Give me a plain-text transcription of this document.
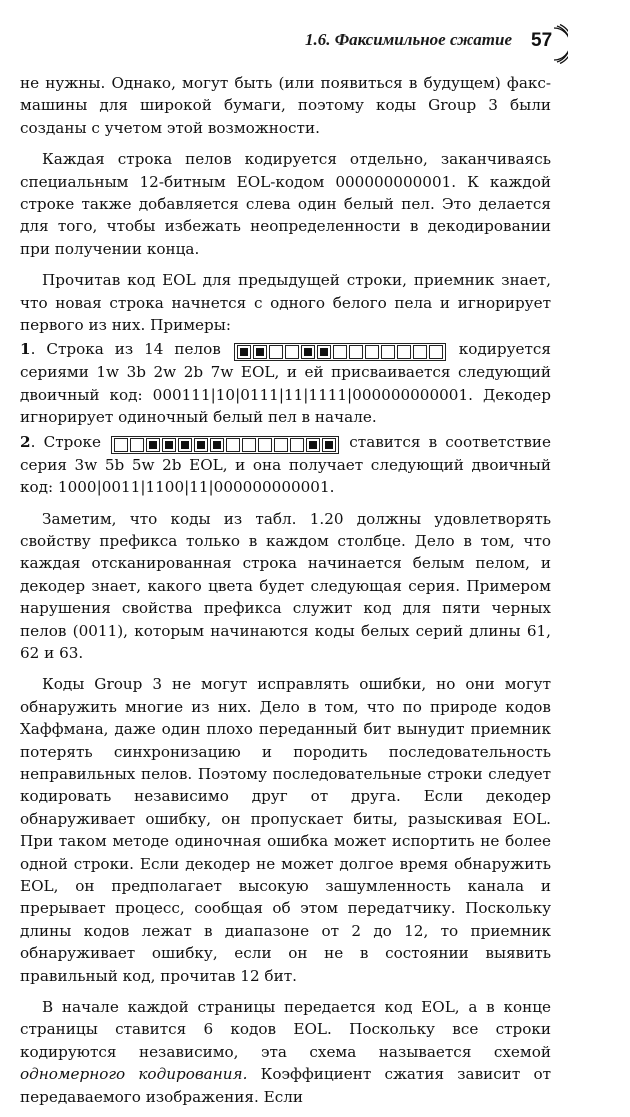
1.6. Факсимильное сжатие 57

не нужны. Однако, могут быть (или появиться в будущем) факс-машины для широкой бумаги, поэтому коды Group 3 были созданы с учетом этой возможности.

Каждая строка пелов кодируется отдельно, заканчиваясь специальным 12-битным EOL-кодом 000000000001. К каждой строке также добавляется слева один белый пел. Это делается для того, чтобы избежать неопределенности в декодировании при получении конца.

Прочитав код EOL для предыдущей строки, приемник знает, что новая строка начнется с одного белого пела и игнорирует первого из них. Примеры:

1. Строка из 14 пелов	кодируется сериями 1w 3b 2w 2b 7w EOL, и ей присваивается следующий двоичный код: 000111|10|0111|11|1111|000000000001. Декодер игнорирует одиночный белый пел в начале.

2. Строке	ставится в соответствие серия 3w 5b 5w 2b EOL, и она получает следующий двоичный код: 1000|0011|1100|11|000000000001.

Заметим, что коды из табл. 1.20 должны удовлетворять свойству префикса только в каждом столбце. Дело в том, что каждая отсканированная строка начинается белым пелом, и декодер знает, какого цвета будет следующая серия. Примером нарушения свойства префикса служит код для пяти черных пелов (0011), которым начинаются коды белых серий длины 61, 62 и 63.

Коды Group 3 не могут исправлять ошибки, но они могут обнаружить многие из них. Дело в том, что по природе кодов Хаффмана, даже один плохо переданный бит вынудит приемник потерять синхронизацию и породить последовательность неправильных пелов. Поэтому последовательные строки следует кодировать независимо друг от друга. Если декодер обнаруживает ошибку, он пропускает биты, разыскивая EOL. При таком методе одиночная ошибка может испортить не более одной строки. Если декодер не может долгое время обнаружить EOL, он предполагает высокую зашумленность канала и прерывает процесс, сообщая об этом передатчику. Поскольку длины кодов лежат в диапазоне от 2 до 12, то приемник обнаруживает ошибку, если он не в состоянии выявить правильный код, прочитав 12 бит.

В начале каждой страницы передается код EOL, а в конце страницы ставится 6 кодов EOL. Поскольку все строки кодируются независимо, эта схема называется схемой одномерного кодирования. Коэффициент сжатия зависит от передаваемого изображения. Если
